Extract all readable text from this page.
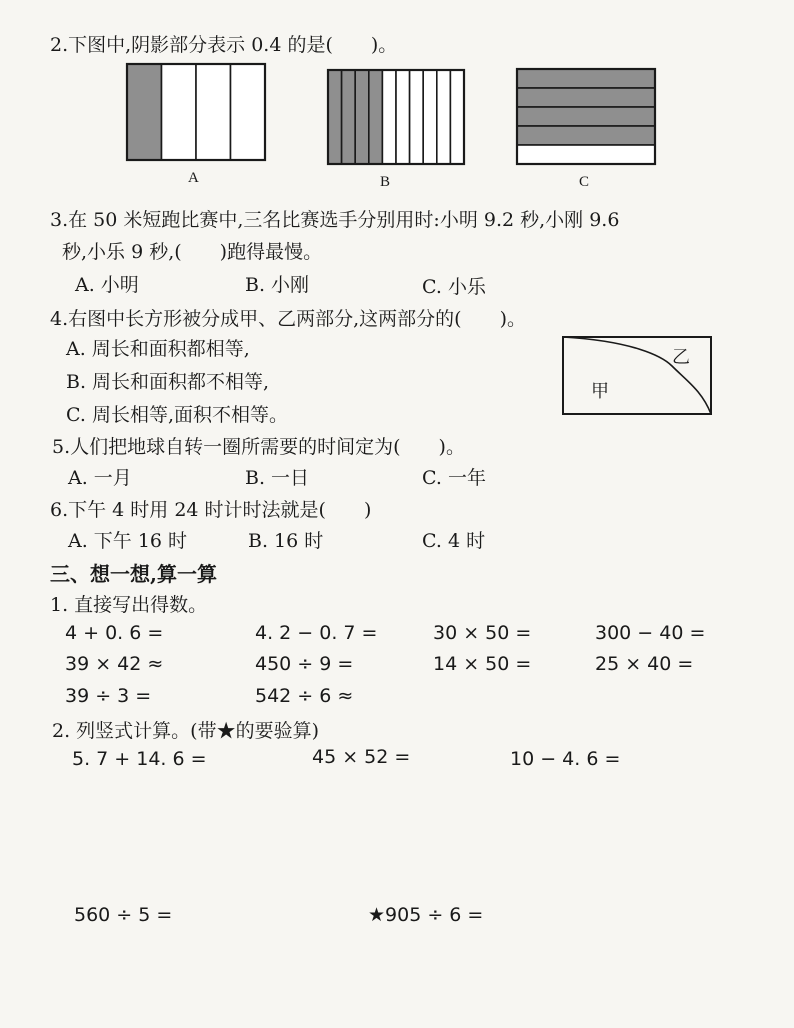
2.下图中,阴影部分表示 0.4 的是(　　)。
A	B	C
3.在 50 米短跑比赛中,三名比赛选手分别用时:小明 9.2 秒,小刚 9.6
秒,小乐 9 秒,(　　)跑得最慢。
A. 小明	B. 小刚	C. 小乐
4.右图中长方形被分成甲、乙两部分,这两部分的(　　)。
A. 周长和面积都相等,
B. 周长和面积都不相等,
C. 周长相等,面积不相等。
乙
甲
5.人们把地球自转一圈所需要的时间定为(　　)。
A. 一月	B. 一日	C. 一年
6.下午 4 时用 24 时计时法就是(　　)
A. 下午 16 时	B. 16 时	C. 4 时
三、想一想,算一算
1. 直接写出得数。
4 + 0. 6 =	4. 2 − 0. 7 =	30 × 50 =	300 − 40 =
39 × 42 ≈	450 ÷ 9 =	14 × 50 =	25 × 40 =
39 ÷ 3 =	542 ÷ 6 ≈
2. 列竖式计算。(带★的要验算)
5. 7 + 14. 6 =	45 × 52 =	10 − 4. 6 =
560 ÷ 5 =	★905 ÷ 6 =
